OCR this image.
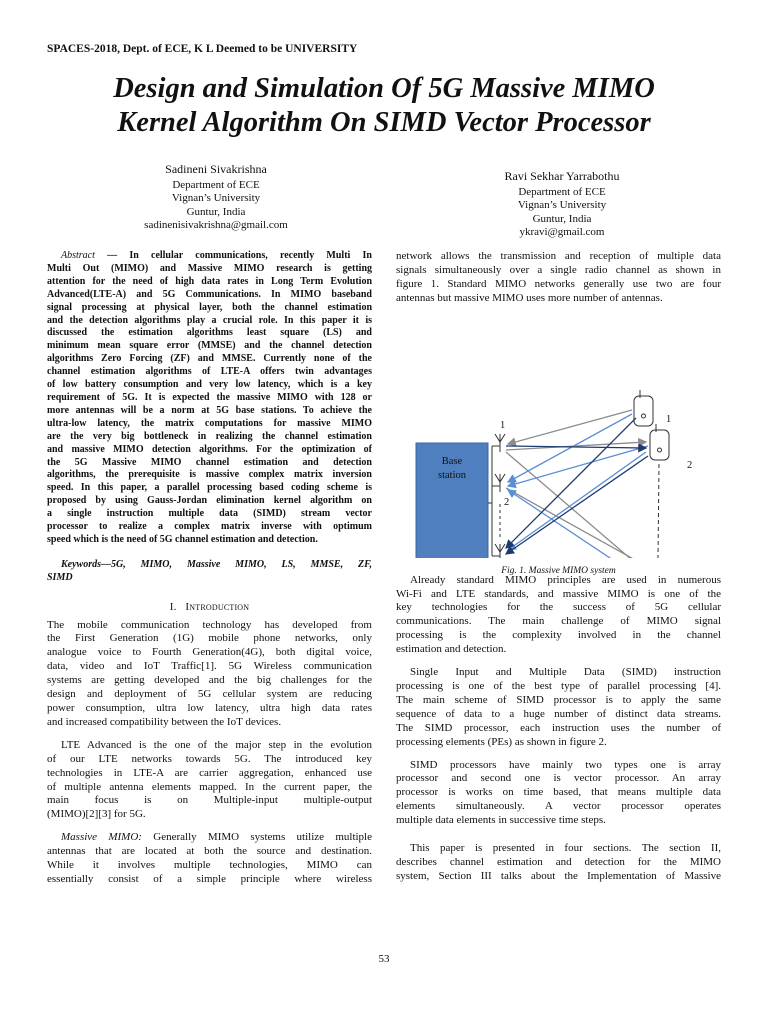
SPACES-2018, Dept. of ECE, K L Deemed to be UNIVERSITY
Design and Simulation Of 5G Massive MIMO
Kernel Algorithm On SIMD Vector Processor
Sadineni Sivakrishna
Department of ECE
Vignan’s University
Guntur, India
sadinenisivakrishna@gmail.com
Ravi Sekhar Yarrabothu
Department of ECE
Vignan’s University
Guntur, India
ykravi@gmail.com

Abstract — In cellular communications, recently Multi In

Multi Out (MIMO) and Massive MIMO research is getting

attention for the need of high data rates in Long Term Evolution

Advanced(LTE-A) and 5G Communications. In MIMO baseband

signal processing at physical layer, both the channel estimation

and the detection algorithms play a crucial role. In this paper it is

discussed the estimation algorithms least square (LS) and

minimum mean square error (MMSE) and the channel detection

algorithms Zero Forcing (ZF) and MMSE. Currently none of the

channel estimation algorithms of LTE-A offers twin advantages

of low battery consumption and very low latency, which is a key

requirement of 5G. It is expected the massive MIMO with 128 or

more antennas will be a norm at 5G base stations. To achieve the

ultra-low latency, the matrix computations for massive MIMO

are the very big bottleneck in realizing the channel estimation

and massive MIMO detection algorithms. For the optimization of

the 5G Massive MIMO channel estimation and detection

algorithms, the prerequisite is massive complex matrix inversion

speed. In this paper, a parallel processing based coding scheme is

proposed by using Gauss-Jordan elimination kernel algorithm on

a single instruction multiple data (SIMD) stream vector

processor to realize a complex matrix inverse with optimum

speed which is the need of 5G channel estimation and detection.

Keywords—5G, MIMO, Massive MIMO, LS, MMSE, ZF,

SIMD

I. Introduction

The mobile communication technology has developed from

the First Generation (1G) mobile phone networks, only

analogue voice to Fourth Generation(4G), both digital voice,

data, video and IoT Traffic[1]. 5G Wireless communication

systems are getting developed and the big challenges for the

design and deployment of 5G cellular system are reducing

power consumption, ultra low latency, ultra high data rates

and increased compatibility between the IoT devices.

LTE Advanced is the one of the major step in the evolution

of our LTE networks towards 5G. The introduced key

technologies in LTE-A are carrier aggregation, enhanced use

of multiple antenna elements mapped. In the current paper, the

main focus is on Multiple-input multiple-output

(MIMO)[2][3] for 5G.

Massive MIMO: Generally MIMO systems utilize multiple

antennas that are located at both the source and destination.

While it involves multiple technologies, MIMO can

essentially consist of a simple principle where wireless

network allows the transmission and reception of multiple data

signals simultaneously over a single radio channel as shown in

figure 1. Standard MIMO networks generally use two are four

antennas but massive MIMO uses more number of antennas.

Base
station
1
2
1
2
Fig. 1. Massive MIMO system

Already standard MIMO principles are used in numerous

Wi-Fi and LTE standards, and massive MIMO is one of the

key technologies for the success of 5G cellular

communications. The main challenge of MIMO signal

processing is the complexity involved in the channel

estimation and detection.

Single Input and Multiple Data (SIMD) instruction

processing is one of the best type of parallel processing [4].

The main scheme of SIMD processor is to apply the same

sequence of data to a huge number of distinct data streams.

The SIMD processor, each instruction uses the number of

processing elements (PEs) as shown in figure 2.

SIMD processors have mainly two types one is array

processor and second one is vector processor. An array

processor is works on time based, that means multiple data

elements simultaneously. A vector processor operates

multiple data elements in successive time steps.

This paper is presented in four sections. The section II,

describes channel estimation and detection for the MIMO

system, Section III talks about the Implementation of Massive

53
